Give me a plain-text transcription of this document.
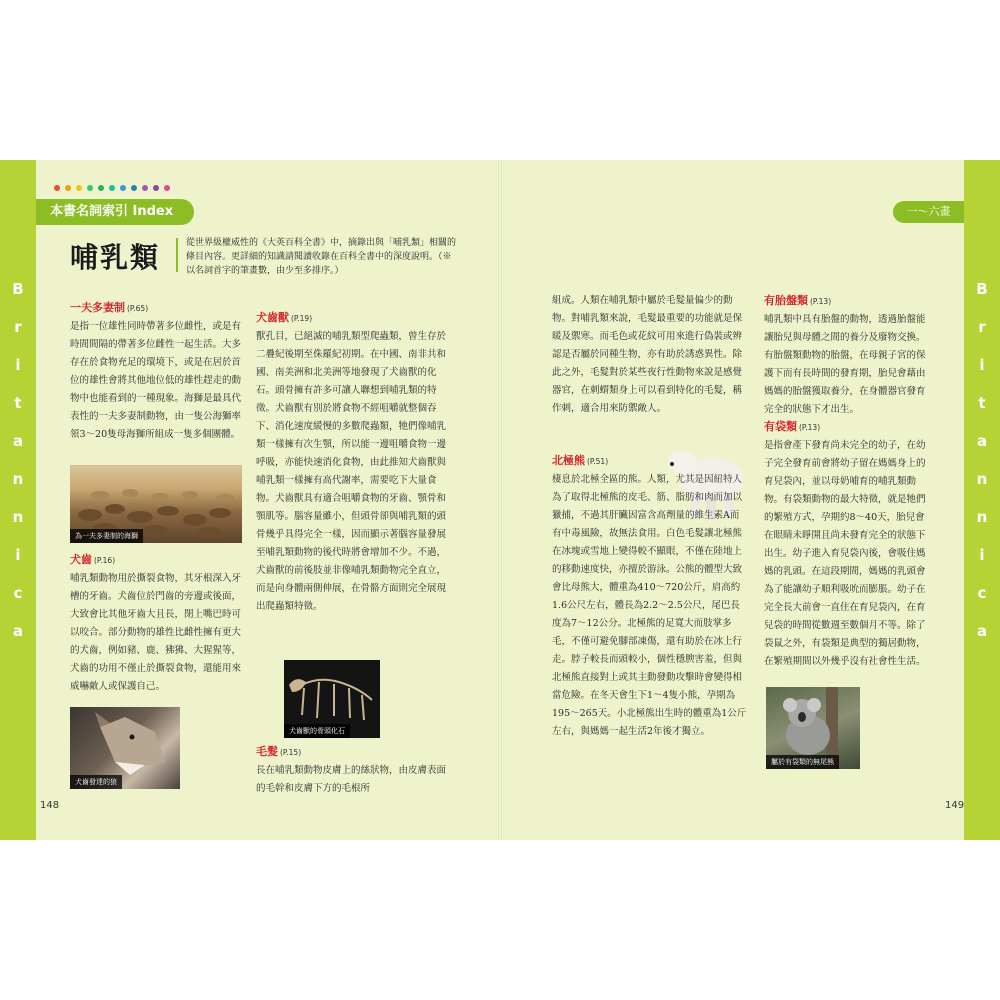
B
r
i
t
a
n
n
i
c
a
B
r
i
t
a
n
n
i
c
a
本書名詞索引 Index	一～六畫
哺乳類	從世界級權威性的《大英百科全書》中，摘錄出與「哺乳類」相關的條目內容。更詳細的知識請閱讀收錄在百科全書中的深度說明。（※以名詞首字的筆畫數，由少至多排序。）
一夫多妻制 (P.65)
是指一位雄性同時帶著多位雌性，或是有時間間隔的帶著多位雌性一起生活。大多存在於食物充足的環境下，或是在居於首位的雄性會將其他地位低的雄性趕走的動物中也能看到的一種現象。海獅是最具代表性的一夫多妻制動物，由一隻公海獅率領3～20隻母海獅所組成一隻多個團體。
為一夫多妻制的海獅
犬齒 (P.16)
哺乳類動物用於撕裂食物，其牙根深入牙槽的牙齒。犬齒位於門齒的旁邊或後面，大致會比其他牙齒大且長，閉上嘴巴時可以咬合。部分動物的雄性比雌性擁有更大的犬齒，例如豬、鹿、狒狒、大猩猩等，犬齒的功用不僅止於撕裂食物，還能用來威嚇敵人或保護自己。
犬齒發達的狼
犬齒獸 (P.19)
獸孔目，已絕滅的哺乳類型爬蟲類，曾生存於二疊紀後期至侏羅紀初期。在中國、南非共和國、南美洲和北美洲等地發現了犬齒獸的化石。頭骨擁有許多可讓人聯想到哺乳類的特徵。犬齒獸有別於將食物不經咀嚼就整個吞下、消化速度緩慢的多數爬蟲類，牠們像哺乳類一樣擁有次生顎，所以能一邊咀嚼食物一邊呼吸，亦能快速消化食物，由此推知犬齒獸與哺乳類一樣擁有高代謝率，需要吃下大量食物。犬齒獸具有適合咀嚼食物的牙齒、顎骨和顎肌等。腦容量雖小，但頭骨卻與哺乳類的頭骨幾乎具得完全一樣，因而顯示著腦容量發展至哺乳類動物的後代時將會增加不少。不過，犬齒獸的前後肢並非像哺乳類動物完全直立，而是向身體兩側伸展，在骨骼方面則完全展現出爬蟲類特徵。
犬齒獸的骨頭化石
毛髮 (P.15)
長在哺乳類動物皮膚上的絲狀物，由皮膚表面的毛幹和皮膚下方的毛根所
組成。人類在哺乳類中屬於毛髮量偏少的動物。對哺乳類來說，毛髮最重要的功能就是保暖及禦寒。而毛色或花紋可用來進行偽裝或辨認是否屬於同種生物，亦有助於誘惑異性。除此之外，毛髮對於某些夜行性動物來說是感覺器官，在刺蝟類身上可以看到特化的毛髮，稱作刺，適合用來防禦敵人。
北極熊 (P.51)
棲息於北極全區的熊。人類，尤其是因紐特人為了取得北極熊的皮毛、筋、脂肪和肉而加以獵捕，不過其肝臟因富含高劑量的維生素A而有中毒風險，故無法食用。白色毛髮讓北極熊在冰塊或雪地上變得較不顯眼，不僅在陸地上的移動速度快，亦擅於游泳。公熊的體型大致會比母熊大，體重為410～720公斤，肩高約1.6公尺左右，體長為2.2～2.5公尺，尾巴長度為7～12公分。北極熊的足寬大而肢掌多毛，不僅可避免腳部凍傷，還有助於在冰上行走。脖子較長而頭較小，個性穩腴害羞，但與北極熊直接對上或其主動發動攻擊時會變得相當危險。在冬天會生下1～4隻小熊，孕期為195～265天。小北極熊出生時的體重為1公斤左右，與媽媽一起生活2年後才獨立。
有胎盤類 (P.13)
哺乳類中具有胎盤的動物，透過胎盤能讓胎兒與母體之間的養分及廢物交換。有胎盤類動物的胎盤，在母親子宮的保護下而有長時間的發育期，胎兒會藉由媽媽的胎盤獲取養分，在身體器官發育完全的狀態下才出生。
有袋類 (P.13)
是指會產下發育尚未完全的幼子，在幼子完全發育前會將幼子留在媽媽身上的育兒袋內，並以母奶哺育的哺乳類動物。有袋類動物的最大特徵，就是牠們的繁殖方式，孕期約8～40天，胎兒會在眼睛未睜開且尚未發育完全的狀態下出生。幼子進入育兒袋內後，會吸住媽媽的乳頭。在這段期間，媽媽的乳頭會為了能讓幼子順利吸吮而膨脹。幼子在完全長大前會一直住在育兒袋內，在育兒袋的時間從數週至數個月不等。除了袋鼠之外，有袋類是典型的獨居動物，在繁殖期間以外幾乎沒有社會性生活。
屬於有袋類的無尾熊
148	149
